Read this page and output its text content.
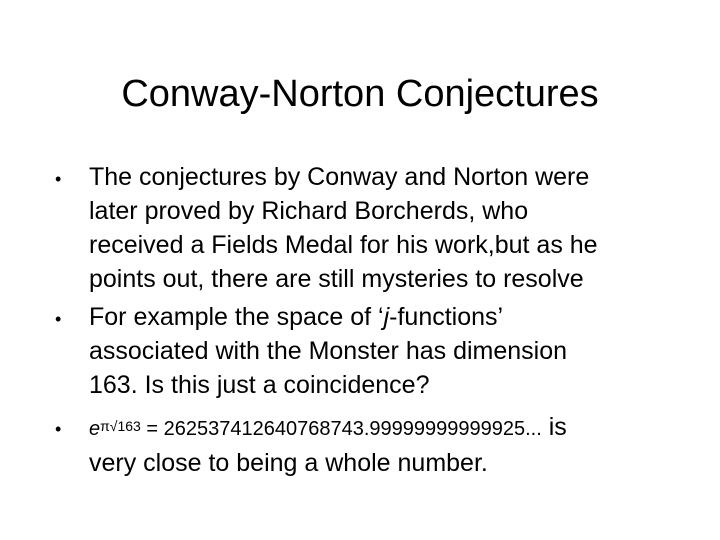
Conway-Norton Conjectures
• The conjectures by Conway and Norton were
later proved by Richard Borcherds, who
received a Fields Medal for his work,but as he
points out, there are still mysteries to resolve
• For example the space of ‘j-functions’
associated with the Monster has dimension
163. Is this just a coincidence?
• $e^{\pi√163} = 262537412640768743.99999999999925$... is
very close to being a whole number.
